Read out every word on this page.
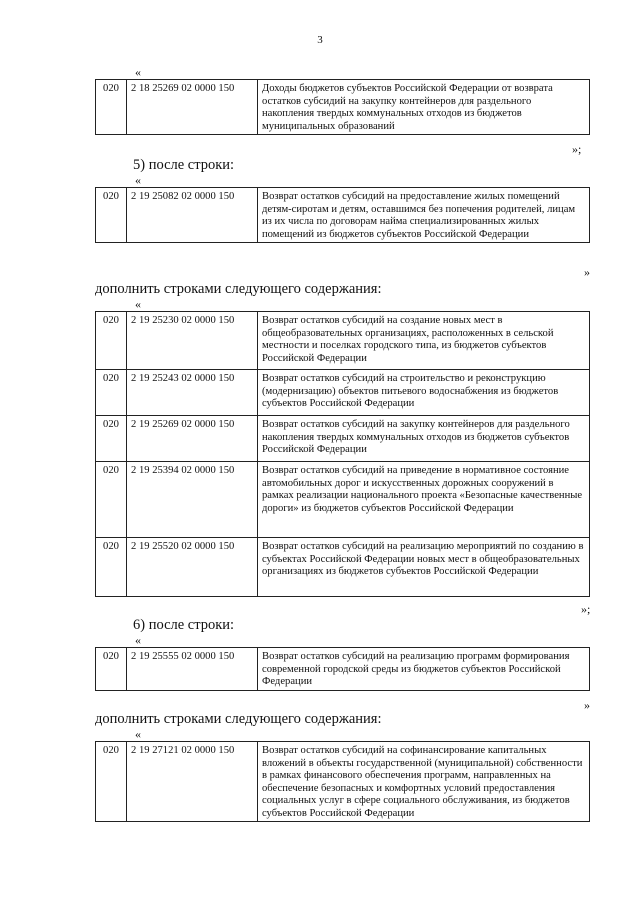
3
«
020	2 18 25269 02 0000 150	Доходы бюджетов субъектов Российской Федерации от возврата остатков субсидий на закупку контейнеров для раздельного накопления твердых коммунальных отходов из бюджетов муниципальных образований
»;
5) после строки:
«
020	2 19 25082 02 0000 150	Возврат остатков субсидий на предоставление жилых помещений детям-сиротам и детям, оставшимся без попечения родителей, лицам из их числа по договорам найма специализированных жилых помещений из бюджетов субъектов Российской Федерации
»
дополнить строками следующего содержания:
«
020	2 19 25230 02 0000 150	Возврат остатков субсидий на создание новых мест в общеобразовательных организациях, расположенных в сельской местности и поселках городского типа, из бюджетов субъектов Российской Федерации
020	2 19 25243 02 0000 150	Возврат остатков субсидий на строительство и реконструкцию (модернизацию) объектов питьевого водоснабжения из бюджетов субъектов Российской Федерации
020	2 19 25269 02 0000 150	Возврат остатков субсидий на закупку контейнеров для раздельного накопления твердых коммунальных отходов из бюджетов субъектов Российской Федерации
020	2 19 25394 02 0000 150	Возврат остатков субсидий на приведение в нормативное состояние автомобильных дорог и искусственных дорожных сооружений в рамках реализации национального проекта «Безопасные качественные дороги» из бюджетов субъектов Российской Федерации
020	2 19 25520 02 0000 150	Возврат остатков субсидий на реализацию мероприятий по созданию в субъектах Российской Федерации новых мест в общеобразовательных организациях из бюджетов субъектов Российской Федерации
»;
6) после строки:
«
020	2 19 25555 02 0000 150	Возврат остатков субсидий на реализацию программ формирования современной городской среды из бюджетов субъектов Российской Федерации
»
дополнить строками следующего содержания:
«
020	2 19 27121 02 0000 150	Возврат остатков субсидий на софинансирование капитальных вложений в объекты государственной (муниципальной) собственности в рамках финансового обеспечения программ, направленных на обеспечение безопасных и комфортных условий предоставления социальных услуг в сфере социального обслуживания, из бюджетов субъектов Российской Федерации
